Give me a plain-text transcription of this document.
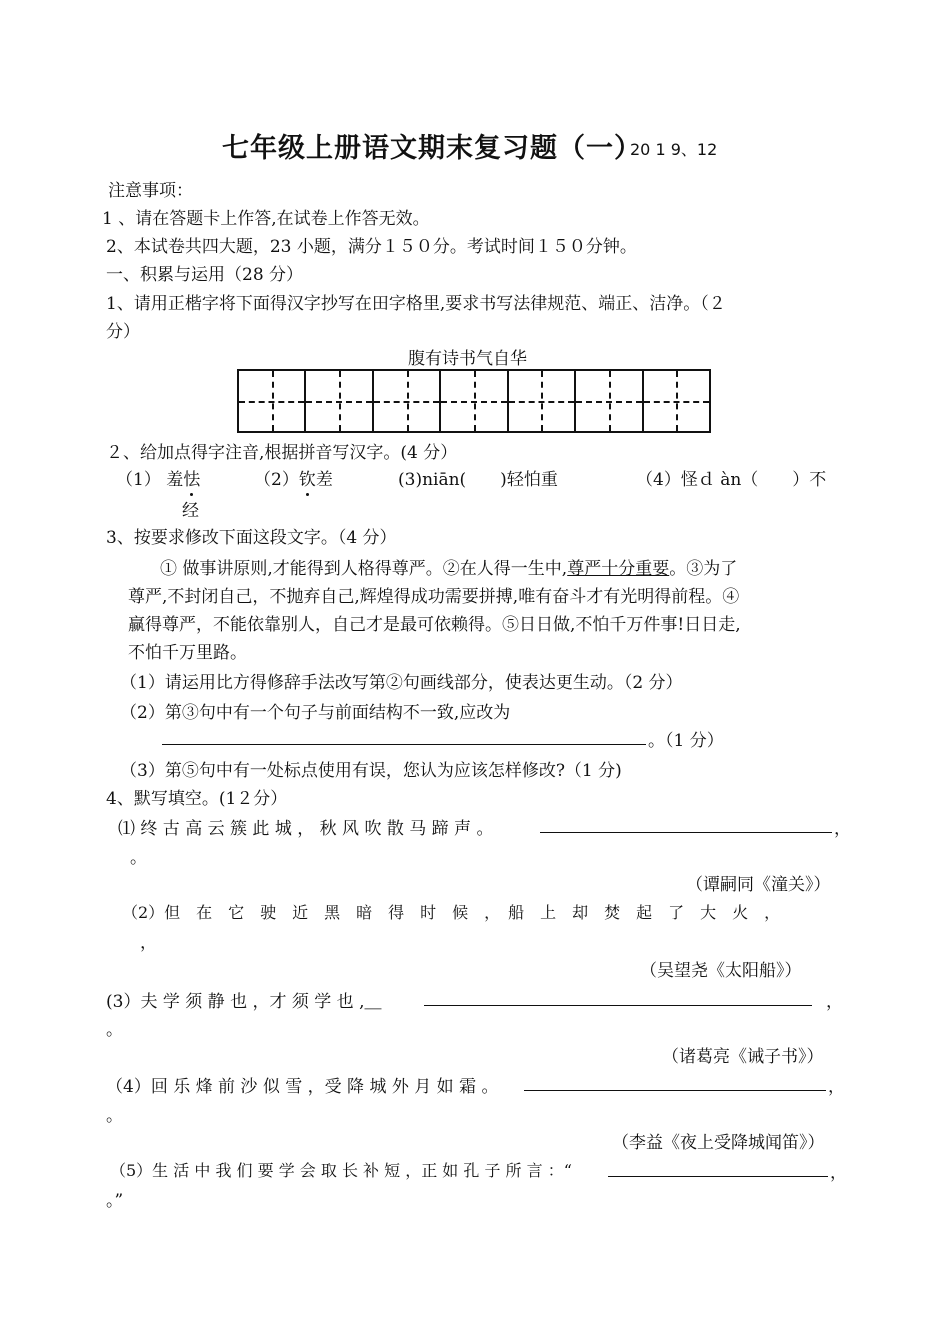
七年级上册语文期末复习题（一）
20 1 9、12
注意事项：
1 、请在答题卡上作答,在试卷上作答无效。
2、本试卷共四大题，23 小题，满分１５０分。考试时间１５０分钟。
一、积累与运用（28 分）
1、请用正楷字将下面得汉字抄写在田字格里,要求书写法律规范、端正、洁净。（２
分）
腹有诗书气自华
２、给加点得字注音,根据拼音写汉字。(4 分）
（1） 羞怯	（2）钦差	(3)niān(　　)轻怕重	（4）怪ｄ àn（　　）不
经
3、按要求修改下面这段文字。（4 分）
① 做事讲原则,才能得到人格得尊严。②在人得一生中,尊严十分重要。③为了
尊严,不封闭自己，不抛弃自己,辉煌得成功需要拼搏,唯有奋斗才有光明得前程。④
赢得尊严，不能依靠别人，自己才是最可依赖得。⑤日日做,不怕千万件事!日日走,
不怕千万里路。
（1）请运用比方得修辞手法改写第②句画线部分，使表达更生动。（2 分）
（2）第③句中有一个句子与前面结构不一致,应改为
。（1 分）
（3）第⑤句中有一处标点使用有误，您认为应该怎样修改?（1 分)
4、默写填空。(1２分）
⑴ 终 古 高 云 簇 此 城 ， 秋 风 吹 散 马 蹄 声 。	，
。
（谭嗣同《潼关》）
（2）但　在　它　驶　近　黑　暗　得　时　候　，　船　上　却　焚　起　了　大　火　，
，
（吴望尧《太阳船》）
(3）夫 学 须 静 也 ，才 须 学 也 ,＿	，
。
（诸葛亮《诫子书》）
（4）回 乐 烽 前 沙 似 雪 ，受 降 城 外 月 如 霜 。	，
。
（李益《夜上受降城闻笛》）
（5）生 活 中 我 们 要 学 会 取 长 补 短 ，正 如 孔 子 所 言 ：“	，
。”
